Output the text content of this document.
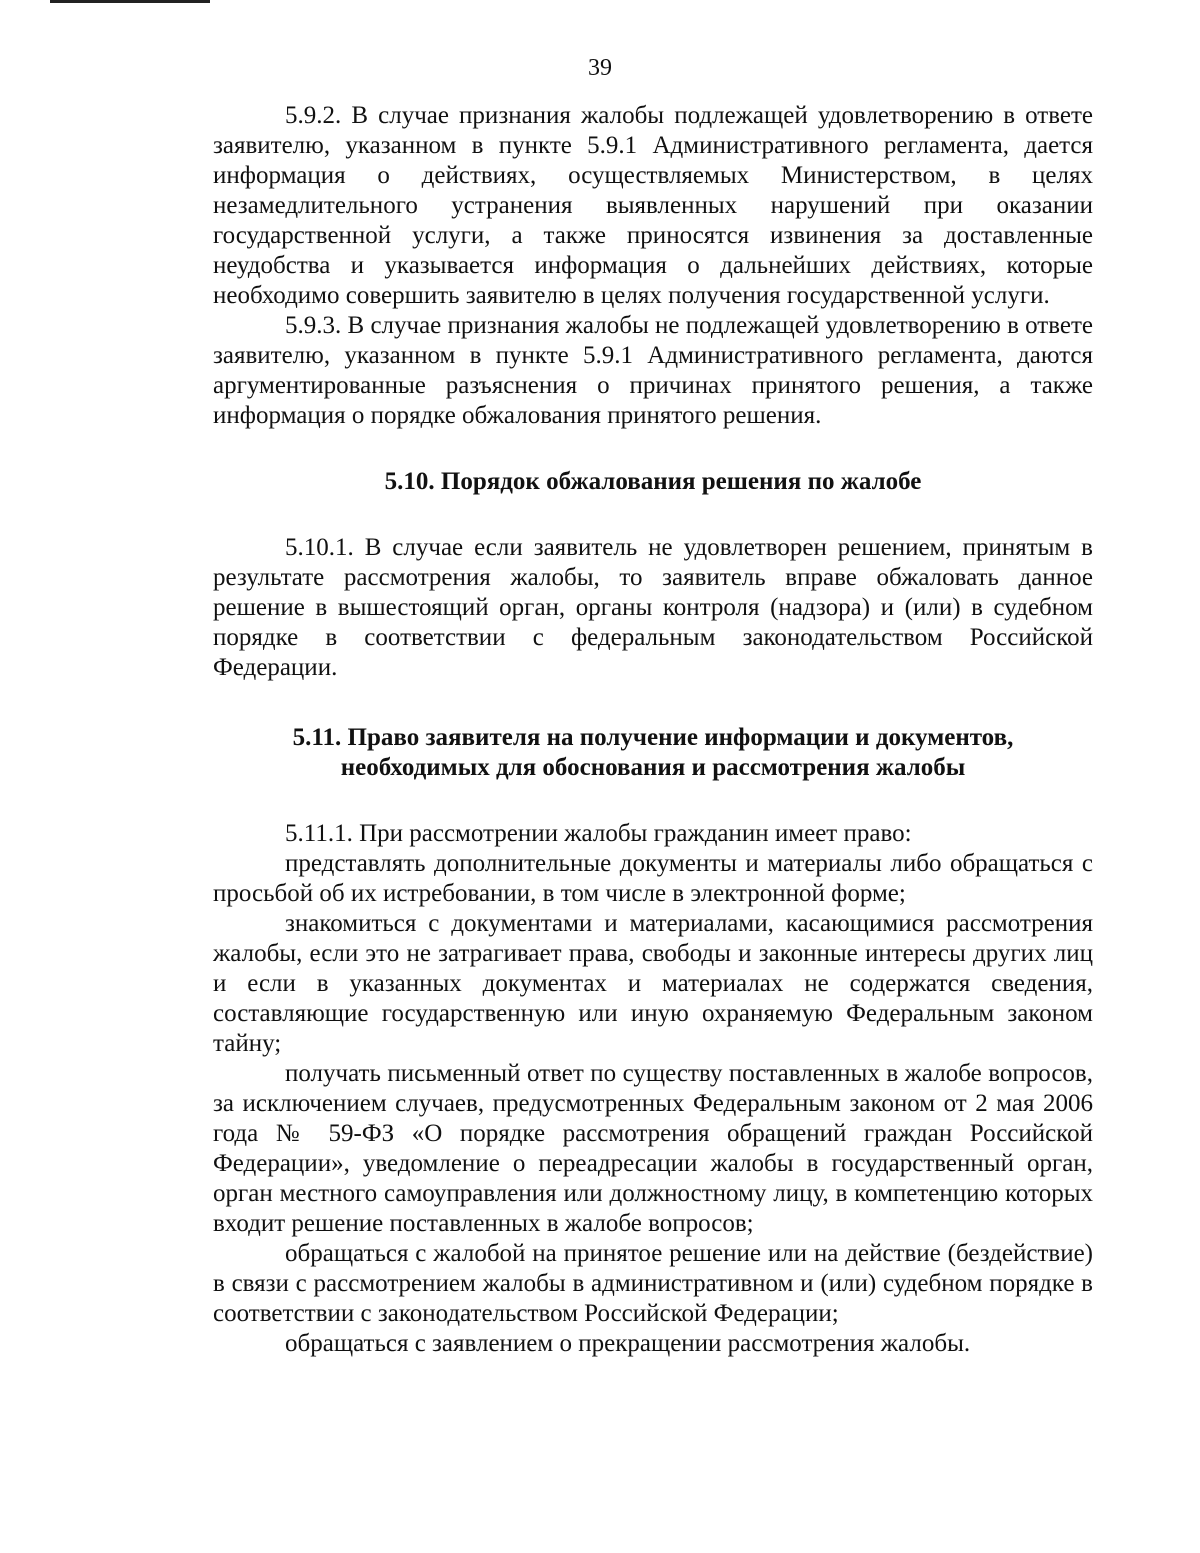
39

5.9.2. В случае признания жалобы подлежащей удовлетворению в ответе заявителю, указанном в пункте 5.9.1 Административного регламента, дается информация о действиях, осуществляемых Министерством, в целях незамедлительного устранения выявленных нарушений при оказании государственной услуги, а также приносятся извинения за доставленные неудобства и указывается информация о дальнейших действиях, которые необходимо совершить заявителю в целях получения государственной услуги.

5.9.3. В случае признания жалобы не подлежащей удовлетворению в ответе заявителю, указанном в пункте 5.9.1 Административного регламента, даются аргументированные разъяснения о причинах принятого решения, а также информация о порядке обжалования принятого решения.

5.10. Порядок обжалования решения по жалобе

5.10.1. В случае если заявитель не удовлетворен решением, принятым в результате рассмотрения жалобы, то заявитель вправе обжаловать данное решение в вышестоящий орган, органы контроля (надзора) и (или) в судебном порядке в соответствии с федеральным законодательством Российской Федерации.

5.11. Право заявителя на получение информации и документов,
необходимых для обоснования и рассмотрения жалобы

5.11.1. При рассмотрении жалобы гражданин имеет право:

представлять дополнительные документы и материалы либо обращаться с просьбой об их истребовании, в том числе в электронной форме;

знакомиться с документами и материалами, касающимися рассмотрения жалобы, если это не затрагивает права, свободы и законные интересы других лиц и если в указанных документах и материалах не содержатся сведения, составляющие государственную или иную охраняемую Федеральным законом тайну;

получать письменный ответ по существу поставленных в жалобе вопросов, за исключением случаев, предусмотренных Федеральным законом от 2 мая 2006 года № 59-ФЗ «О порядке рассмотрения обращений граждан Российской Федерации», уведомление о переадресации жалобы в государственный орган, орган местного самоуправления или должностному лицу, в компетенцию которых входит решение поставленных в жалобе вопросов;

обращаться с жалобой на принятое решение или на действие (бездействие) в связи с рассмотрением жалобы в административном и (или) судебном порядке в соответствии с законодательством Российской Федерации;

обращаться с заявлением о прекращении рассмотрения жалобы.
